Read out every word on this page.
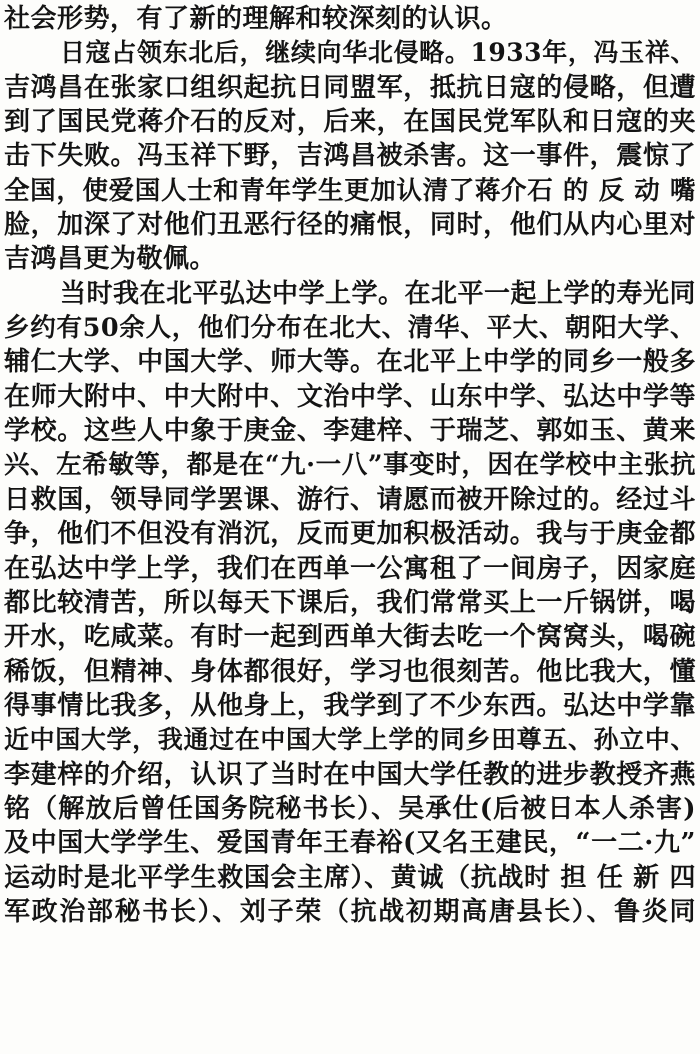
社会形势，有了新的理解和较深刻的认识。
日寇占领东北后，继续向华北侵略。1933年，冯玉祥、
吉鸿昌在张家口组织起抗日同盟军，抵抗日寇的侵略，但遭
到了国民党蒋介石的反对，后来，在国民党军队和日寇的夹
击下失败。冯玉祥下野，吉鸿昌被杀害。这一事件，震惊了
全国，使爱国人士和青年学生更加认清了蒋介石 的 反 动 嘴
脸，加深了对他们丑恶行径的痛恨，同时，他们从内心里对
吉鸿昌更为敬佩。
当时我在北平弘达中学上学。在北平一起上学的寿光同
乡约有50余人，他们分布在北大、清华、平大、朝阳大学、
辅仁大学、中国大学、师大等。在北平上中学的同乡一般多
在师大附中、中大附中、文治中学、山东中学、弘达中学等
学校。这些人中象于庚金、李建梓、于瑞芝、郭如玉、黄来
兴、左希敏等，都是在“九·一八”事变时，因在学校中主张抗
日救国，领导同学罢课、游行、请愿而被开除过的。经过斗
争，他们不但没有消沉，反而更加积极活动。我与于庚金都
在弘达中学上学，我们在西单一公寓租了一间房子，因家庭
都比较清苦，所以每天下课后，我们常常买上一斤锅饼，喝
开水，吃咸菜。有时一起到西单大街去吃一个窝窝头，喝碗
稀饭，但精神、身体都很好，学习也很刻苦。他比我大，懂
得事情比我多，从他身上，我学到了不少东西。弘达中学靠
近中国大学，我通过在中国大学上学的同乡田尊五、孙立中、
李建梓的介绍，认识了当时在中国大学任教的进步教授齐燕
铭（解放后曾任国务院秘书长）、吴承仕(后被日本人杀害)
及中国大学学生、爱国青年王春裕(又名王建民，“一二·九”
运动时是北平学生救国会主席）、黄诚（抗战时 担 任 新 四
军政治部秘书长）、刘子荣（抗战初期高唐县长）、鲁炎同
